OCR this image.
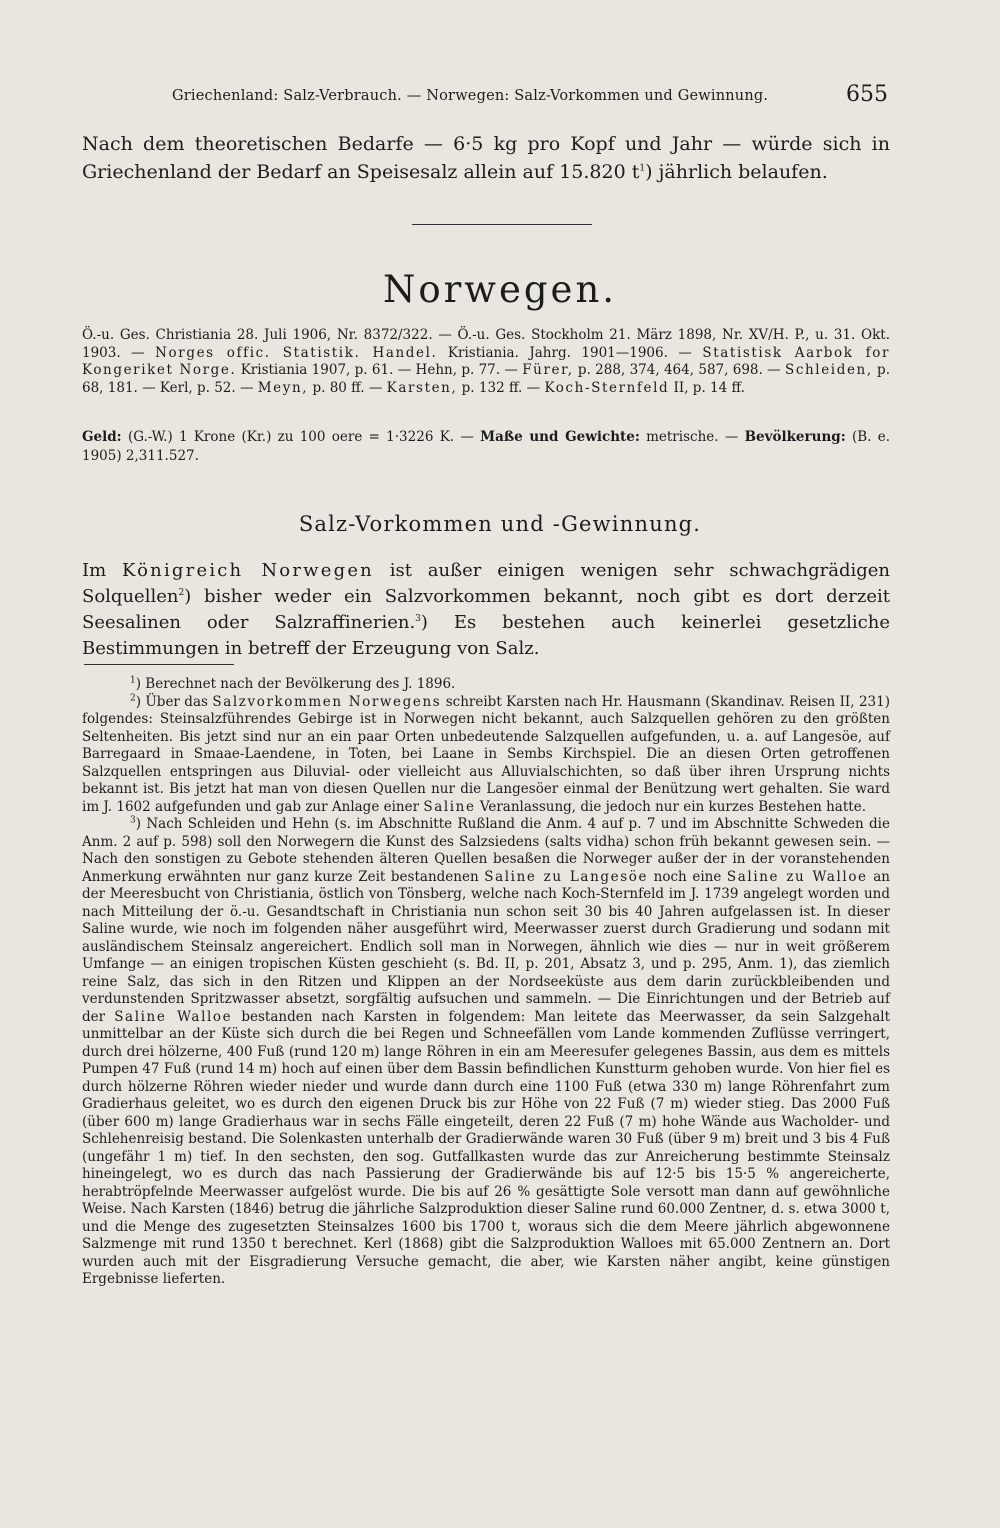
Griechenland: Salz-Verbrauch. — Norwegen: Salz-Vorkommen und Gewinnung.	655
Nach dem theoretischen Bedarfe — 6·5 kg pro Kopf und Jahr — würde sich in Griechenland der Bedarf an Speisesalz allein auf 15.820 $t^1$) jährlich belaufen.
Norwegen.
Ö.-u. Ges. Christiania 28. Juli 1906, Nr. 8372/322. — Ö.-u. Ges. Stockholm 21. März 1898, Nr. XV/H. P., u. 31. Okt. 1903. — Norges offic. Statistik. Handel. Kristiania. Jahrg. 1901—1906. — Statistisk Aarbok for Kongeriket Norge. Kristiania 1907, p. 61. — Hehn, p. 77. — Fürer, p. 288, 374, 464, 587, 698. — Schleiden, p. 68, 181. — Kerl, p. 52. — Meyn, p. 80 ff. — Karsten, p. 132 ff. — Koch-Sternfeld II, p. 14 ff.
Geld: (G.-W.) 1 Krone (Kr.) zu 100 oere = 1·3226 K. — Maße und Gewichte: metrische. — Bevölkerung: (B. e. 1905) 2,311.527.
Salz-Vorkommen und -Gewinnung.
Im Königreich Norwegen ist außer einigen wenigen sehr schwachgrädigen Solquellen$^2$) bisher weder ein Salzvorkommen bekannt, noch gibt es dort derzeit Seesalinen oder Salzraffinerien.$^3$) Es bestehen auch keinerlei gesetzliche Bestimmungen in betreff der Erzeugung von Salz.

$^1$) Berechnet nach der Bevölkerung des J. 1896.

$^2$) Über das Salzvorkommen Norwegens schreibt Karsten nach Hr. Hausmann (Skandinav. Reisen II, 231) folgendes: Steinsalzführendes Gebirge ist in Norwegen nicht bekannt, auch Salzquellen gehören zu den größten Seltenheiten. Bis jetzt sind nur an ein paar Orten unbedeutende Salzquellen aufgefunden, u. a. auf Langesöe, auf Barregaard in Smaae-Laendene, in Toten, bei Laane in Sembs Kirchspiel. Die an diesen Orten getroffenen Salzquellen entspringen aus Diluvial- oder vielleicht aus Alluvialschichten, so daß über ihren Ursprung nichts bekannt ist. Bis jetzt hat man von diesen Quellen nur die Langesöer einmal der Benützung wert gehalten. Sie ward im J. 1602 aufgefunden und gab zur Anlage einer Saline Veranlassung, die jedoch nur ein kurzes Bestehen hatte.

$^3$) Nach Schleiden und Hehn (s. im Abschnitte Rußland die Anm. 4 auf p. 7 und im Abschnitte Schweden die Anm. 2 auf p. 598) soll den Norwegern die Kunst des Salzsiedens (salts vidha) schon früh bekannt gewesen sein. — Nach den sonstigen zu Gebote stehenden älteren Quellen besaßen die Norweger außer der in der voranstehenden Anmerkung erwähnten nur ganz kurze Zeit bestandenen Saline zu Langesöe noch eine Saline zu Walloe an der Meeresbucht von Christiania, östlich von Tönsberg, welche nach Koch-Sternfeld im J. 1739 angelegt worden und nach Mitteilung der ö.-u. Gesandtschaft in Christiania nun schon seit 30 bis 40 Jahren aufgelassen ist. In dieser Saline wurde, wie noch im folgenden näher ausgeführt wird, Meerwasser zuerst durch Gradierung und sodann mit ausländischem Steinsalz angereichert. Endlich soll man in Norwegen, ähnlich wie dies — nur in weit größerem Umfange — an einigen tropischen Küsten geschieht (s. Bd. II, p. 201, Absatz 3, und p. 295, Anm. 1), das ziemlich reine Salz, das sich in den Ritzen und Klippen an der Nordseeküste aus dem darin zurückbleibenden und verdunstenden Spritzwasser absetzt, sorgfältig aufsuchen und sammeln. — Die Einrichtungen und der Betrieb auf der Saline Walloe bestanden nach Karsten in folgendem: Man leitete das Meerwasser, da sein Salzgehalt unmittelbar an der Küste sich durch die bei Regen und Schneefällen vom Lande kommenden Zuflüsse verringert, durch drei hölzerne, 400 Fuß (rund 120 m) lange Röhren in ein am Meeresufer gelegenes Bassin, aus dem es mittels Pumpen 47 Fuß (rund 14 m) hoch auf einen über dem Bassin befindlichen Kunstturm gehoben wurde. Von hier fiel es durch hölzerne Röhren wieder nieder und wurde dann durch eine 1100 Fuß (etwa 330 m) lange Röhrenfahrt zum Gradierhaus geleitet, wo es durch den eigenen Druck bis zur Höhe von 22 Fuß (7 m) wieder stieg. Das 2000 Fuß (über 600 m) lange Gradierhaus war in sechs Fälle eingeteilt, deren 22 Fuß (7 m) hohe Wände aus Wacholder- und Schlehenreisig bestand. Die Solenkasten unterhalb der Gradierwände waren 30 Fuß (über 9 m) breit und 3 bis 4 Fuß (ungefähr 1 m) tief. In den sechsten, den sog. Gutfallkasten wurde das zur Anreicherung bestimmte Steinsalz hineingelegt, wo es durch das nach Passierung der Gradierwände bis auf 12·5 bis 15·5 % angereicherte, herabtröpfelnde Meerwasser aufgelöst wurde. Die bis auf 26 % gesättigte Sole versott man dann auf gewöhnliche Weise. Nach Karsten (1846) betrug die jährliche Salzproduktion dieser Saline rund 60.000 Zentner, d. s. etwa 3000 t, und die Menge des zugesetzten Steinsalzes 1600 bis 1700 t, woraus sich die dem Meere jährlich abgewonnene Salzmenge mit rund 1350 t berechnet. Kerl (1868) gibt die Salzproduktion Walloes mit 65.000 Zentnern an. Dort wurden auch mit der Eisgradierung Versuche gemacht, die aber, wie Karsten näher angibt, keine günstigen Ergebnisse lieferten.
